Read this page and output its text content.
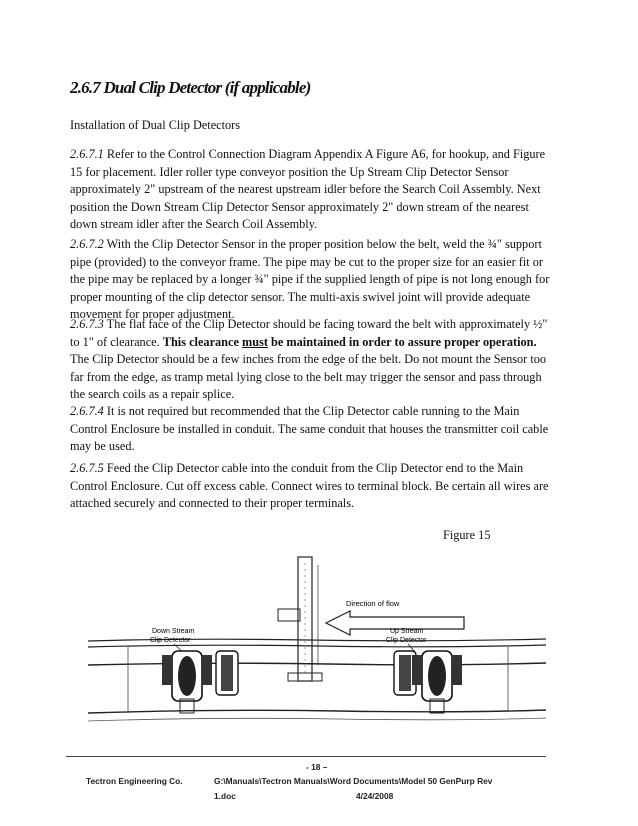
2.6.7 Dual Clip Detector (if applicable)

Installation of Dual Clip Detectors

2.6.7.1 Refer to the Control Connection Diagram Appendix A Figure A6, for hookup, and Figure 15 for placement. Idler roller type conveyor position the Up Stream Clip Detector Sensor approximately 2" upstream of the nearest upstream idler before the Search Coil Assembly. Next position the Down Stream Clip Detector Sensor approximately 2" down stream of the nearest down stream idler after the Search Coil Assembly.

2.6.7.2 With the Clip Detector Sensor in the proper position below the belt, weld the ¾" support pipe (provided) to the conveyor frame. The pipe may be cut to the proper size for an easier fit or the pipe may be replaced by a longer ¾" pipe if the supplied length of pipe is not long enough for proper mounting of the clip detector sensor. The multi-axis swivel joint will provide adequate movement for proper adjustment.

2.6.7.3 The flat face of the Clip Detector should be facing toward the belt with approximately ½" to 1" of clearance. This clearance must be maintained in order to assure proper operation. The Clip Detector should be a few inches from the edge of the belt. Do not mount the Sensor too far from the edge, as tramp metal lying close to the belt may trigger the sensor and pass through the search coils as a repair splice.

2.6.7.4 It is not required but recommended that the Clip Detector cable running to the Main Control Enclosure be installed in conduit. The same conduit that houses the transmitter coil cable may be used.

2.6.7.5 Feed the Clip Detector cable into the conduit from the Clip Detector end to the Main Control Enclosure. Cut off excess cable. Connect wires to terminal block. Be certain all wires are attached securely and connected to their proper terminals.

Figure 15
Direction of flow
Down Stream
Clip Detector
Up Stream
Clip Detector
- 18 –
Tectron Engineering Co.	G:\Manuals\Tectron Manuals\Word Documents\Model 50 GenPurp Rev
1.doc	4/24/2008
